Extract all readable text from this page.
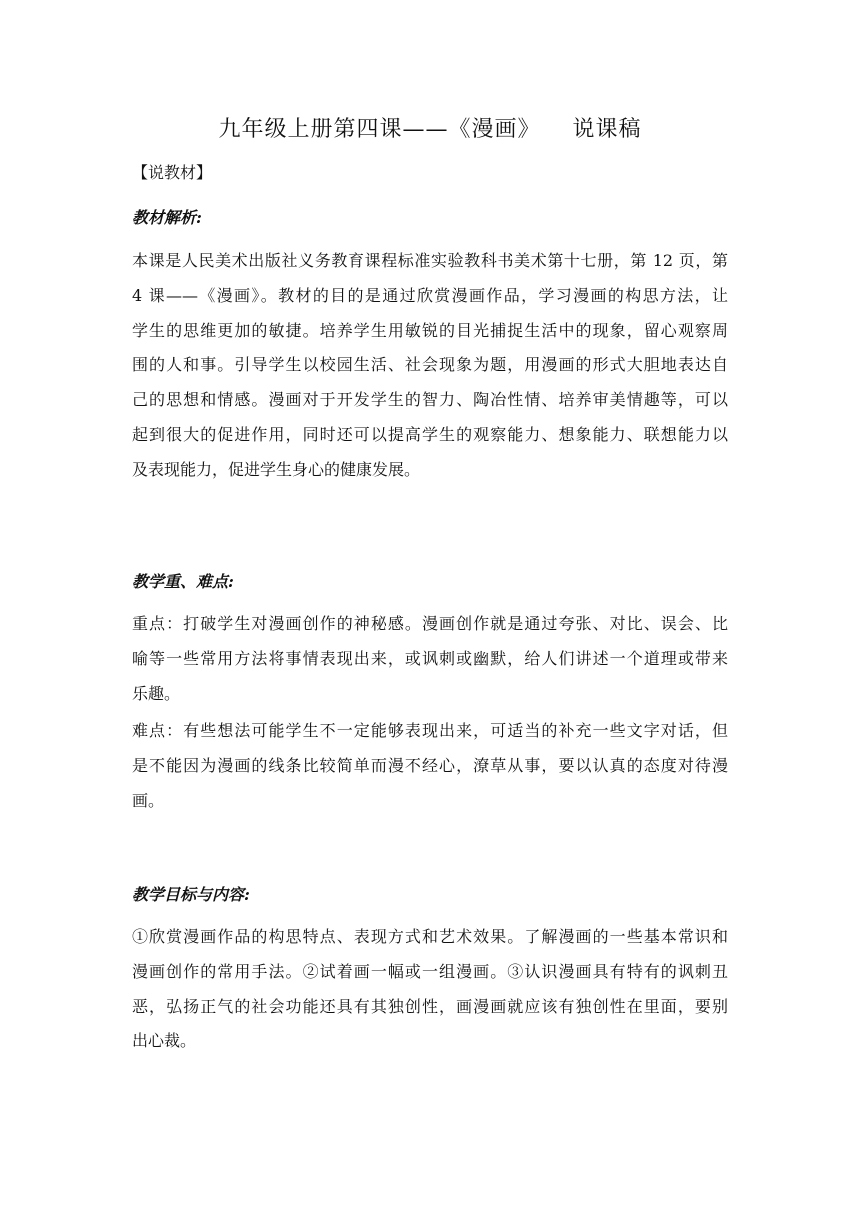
九年级上册第四课——《漫画》    说课稿
【说教材】
教材解析:
本课是人民美术出版社义务教育课程标准实验教科书美术第十七册，第 12 页，第
4 课——《漫画》。教材的目的是通过欣赏漫画作品，学习漫画的构思方法，让
学生的思维更加的敏捷。培养学生用敏锐的目光捕捉生活中的现象，留心观察周
围的人和事。引导学生以校园生活、社会现象为题，用漫画的形式大胆地表达自
己的思想和情感。漫画对于开发学生的智力、陶冶性情、培养审美情趣等，可以
起到很大的促进作用，同时还可以提高学生的观察能力、想象能力、联想能力以
及表现能力，促进学生身心的健康发展。
教学重、难点:
重点：打破学生对漫画创作的神秘感。漫画创作就是通过夸张、对比、误会、比
喻等一些常用方法将事情表现出来，或讽刺或幽默，给人们讲述一个道理或带来
乐趣。
难点：有些想法可能学生不一定能够表现出来，可适当的补充一些文字对话，但
是不能因为漫画的线条比较简单而漫不经心，潦草从事，要以认真的态度对待漫
画。
教学目标与内容:
①欣赏漫画作品的构思特点、表现方式和艺术效果。了解漫画的一些基本常识和
漫画创作的常用手法。②试着画一幅或一组漫画。③认识漫画具有特有的讽刺丑
恶，弘扬正气的社会功能还具有其独创性，画漫画就应该有独创性在里面，要别
出心裁。
